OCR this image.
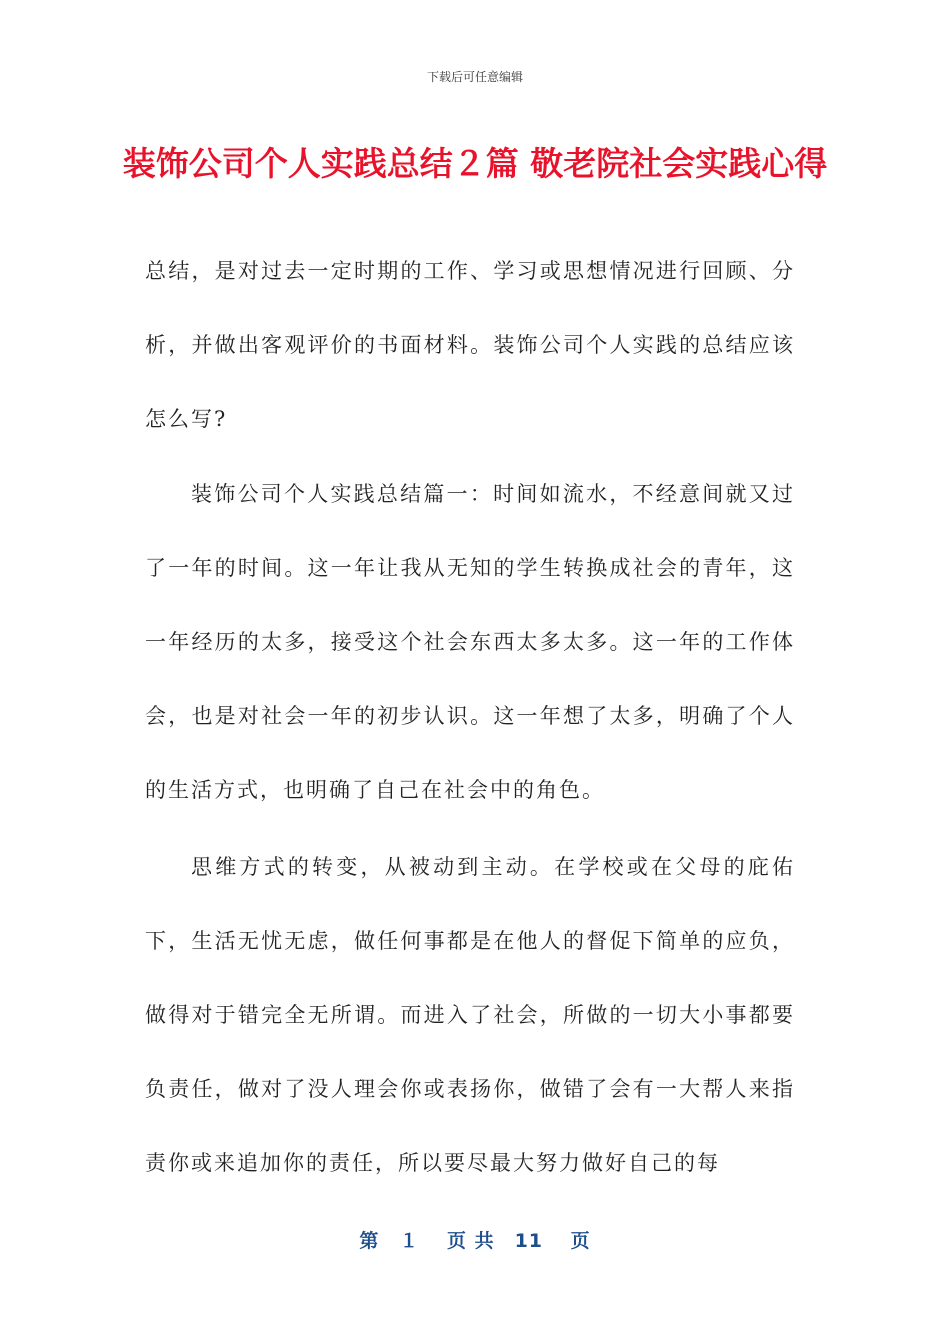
下载后可任意编辑
装饰公司个人实践总结２篇 敬老院社会实践心得

总结，是对过去一定时期的工作、学习或思想情况进行回顾、分析，并做出客观评价的书面材料。装饰公司个人实践的总结应该怎么写?

装饰公司个人实践总结篇一：时间如流水，不经意间就又过了一年的时间。这一年让我从无知的学生转换成社会的青年，这一年经历的太多，接受这个社会东西太多太多。这一年的工作体会，也是对社会一年的初步认识。这一年想了太多，明确了个人的生活方式，也明确了自己在社会中的角色。

思维方式的转变，从被动到主动。在学校或在父母的庇佑下，生活无忧无虑，做任何事都是在他人的督促下简单的应负，做得对于错完全无所谓。而进入了社会，所做的一切大小事都要负责任，做对了没人理会你或表扬你，做错了会有一大帮人来指责你或来追加你的责任，所以要尽最大努力做好自己的每

第　１　 页 共　11　 页
